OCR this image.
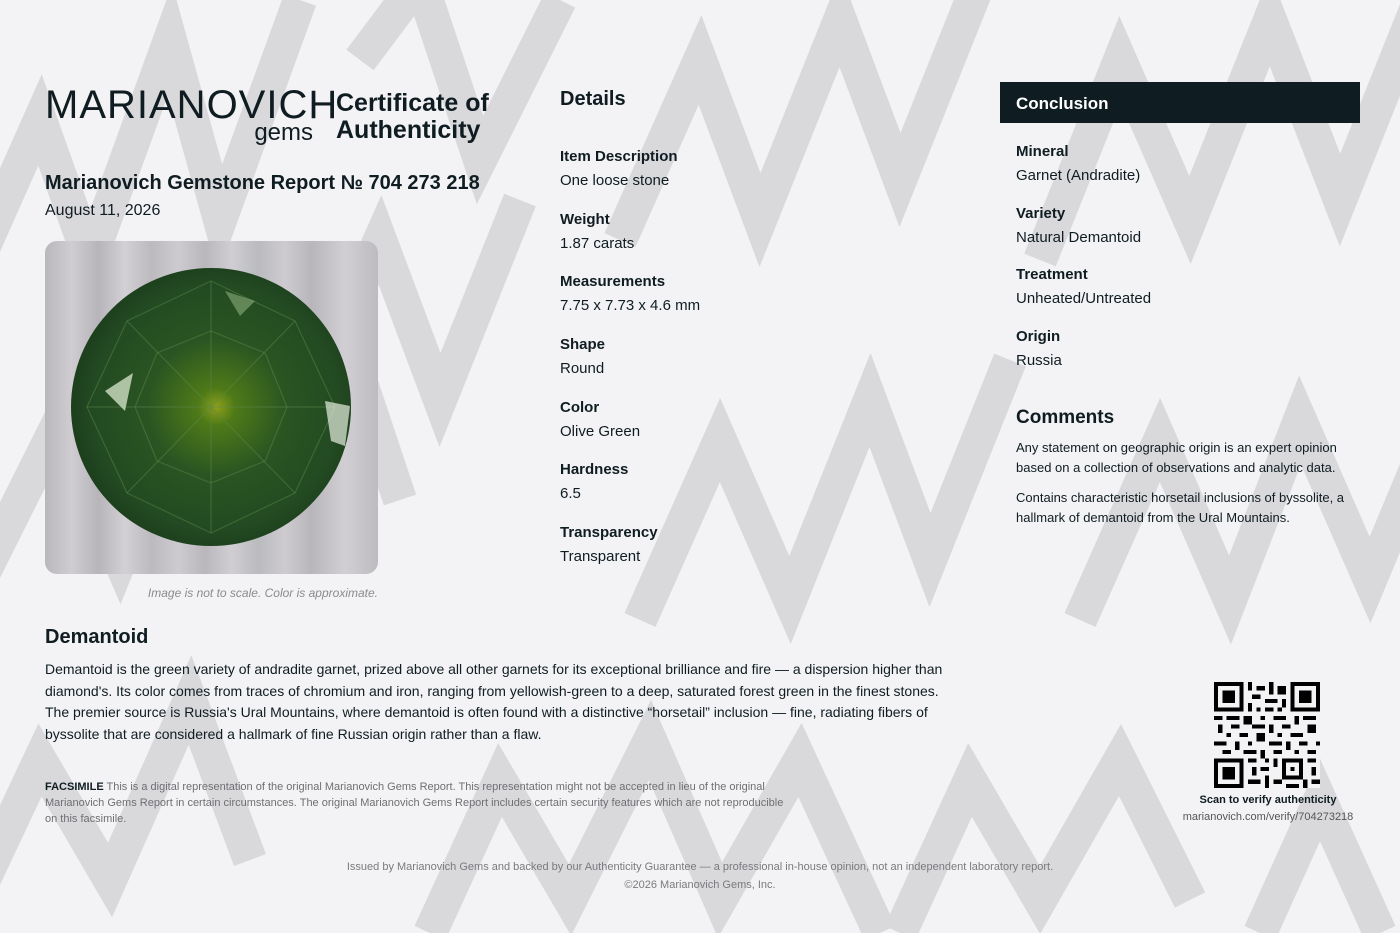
MARIANOVICH
gems
Certificate of Authenticity
Marianovich Gemstone Report № 704 273 218
August 11, 2026
Image is not to scale. Color is approximate.
Details
Item Description
One loose stone
Weight
1.87 carats
Measurements
7.75 x 7.73 x 4.6 mm
Shape
Round
Color
Olive Green
Hardness
6.5
Transparency
Transparent
Conclusion
Mineral
Garnet (Andradite)
Variety
Natural Demantoid
Treatment
Unheated/Untreated
Origin
Russia
Comments

Any statement on geographic origin is an expert opinion based on a collection of observations and analytic data.

Contains characteristic horsetail inclusions of byssolite, a hallmark of demantoid from the Ural Mountains.

Demantoid
Demantoid is the green variety of andradite garnet, prized above all other garnets for its exceptional brilliance and fire — a dispersion higher than diamond's. Its color comes from traces of chromium and iron, ranging from yellowish-green to a deep, saturated forest green in the finest stones. The premier source is Russia's Ural Mountains, where demantoid is often found with a distinctive “horsetail” inclusion — fine, radiating fibers of byssolite that are considered a hallmark of fine Russian origin rather than a flaw.
FACSIMILE This is a digital representation of the original Marianovich Gems Report. This representation might not be accepted in lieu of the original Marianovich Gems Report in certain circumstances. The original Marianovich Gems Report includes certain security features which are not reproducible on this facsimile.
Scan to verify authenticity
marianovich.com/verify/704273218
Issued by Marianovich Gems and backed by our Authenticity Guarantee — a professional in-house opinion, not an independent laboratory report.
©2026 Marianovich Gems, Inc.
